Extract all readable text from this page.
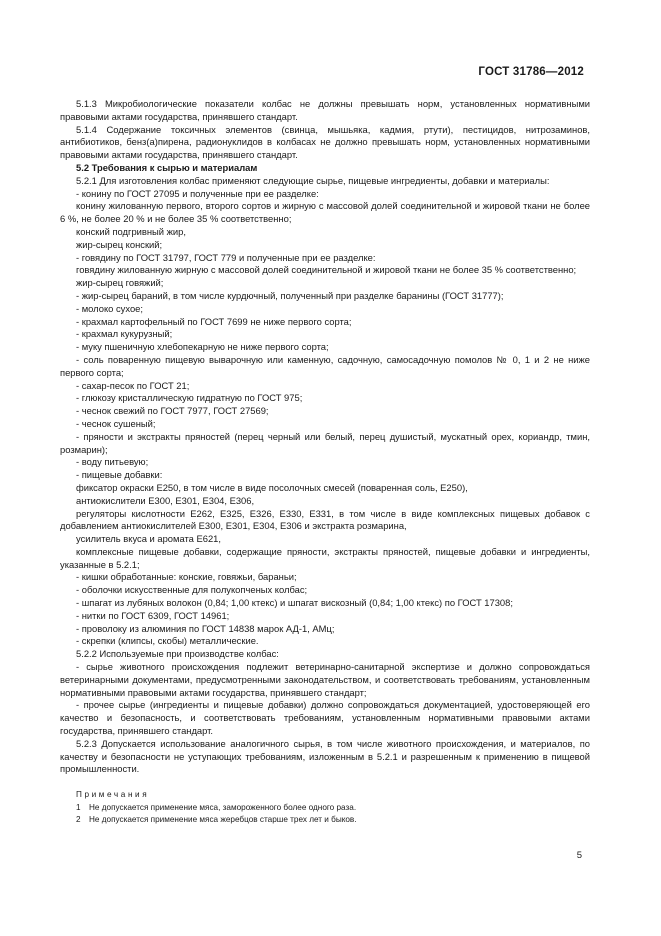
ГОСТ 31786—2012

5.1.3 Микробиологические показатели колбас не должны превышать норм, установленных нормативными правовыми актами государства, принявшего стандарт.

5.1.4 Содержание токсичных элементов (свинца, мышьяка, кадмия, ртути), пестицидов, нитрозаминов, антибиотиков, бенз(а)пирена, радионуклидов в колбасах не должно превышать норм, установленных нормативными правовыми актами государства, принявшего стандарт.

5.2 Требования к сырью и материалам

5.2.1 Для изготовления колбас применяют следующие сырье, пищевые ингредиенты, добавки и материалы:

- конину по ГОСТ 27095 и полученные при ее разделке:

конину жилованную первого, второго сортов и жирную с массовой долей соединительной и жировой ткани не более 6 %, не более 20 % и не более 35 % соответственно;

конский подгривный жир,

жир-сырец конский;

- говядину по ГОСТ 31797, ГОСТ 779 и полученные при ее разделке:

говядину жилованную жирную с массовой долей соединительной и жировой ткани не более 35 % соответственно;

жир-сырец говяжий;

- жир-сырец бараний, в том числе курдючный, полученный при разделке баранины (ГОСТ 31777);

- молоко сухое;

- крахмал картофельный по ГОСТ 7699 не ниже первого сорта;

- крахмал кукурузный;

- муку пшеничную хлебопекарную не ниже первого сорта;

- соль поваренную пищевую выварочную или каменную, садочную, самосадочную помолов № 0, 1 и 2 не ниже первого сорта;

- сахар-песок по ГОСТ 21;

- глюкозу кристаллическую гидратную по ГОСТ 975;

- чеснок свежий по ГОСТ 7977, ГОСТ 27569;

- чеснок сушеный;

- пряности и экстракты пряностей (перец черный или белый, перец душистый, мускатный орех, кориандр, тмин, розмарин);

- воду питьевую;

- пищевые добавки:

фиксатор окраски Е250, в том числе в виде посолочных смесей (поваренная соль, Е250),

антиокислители Е300, Е301, Е304, Е306,

регуляторы кислотности Е262, Е325, Е326, Е330, Е331, в том числе в виде комплексных пищевых добавок с добавлением антиокислителей Е300, Е301, Е304, Е306 и экстракта розмарина,

усилитель вкуса и аромата Е621,

комплексные пищевые добавки, содержащие пряности, экстракты пряностей, пищевые добавки и ингредиенты, указанные в 5.2.1;

- кишки обработанные: конские, говяжьи, бараньи;

- оболочки искусственные для полукопченых колбас;

- шпагат из лубяных волокон (0,84; 1,00 ктекс) и шпагат вискозный (0,84; 1,00 ктекс) по ГОСТ 17308;

- нитки по ГОСТ 6309, ГОСТ 14961;

- проволоку из алюминия по ГОСТ 14838 марок АД-1, АМц;

- скрепки (клипсы, скобы) металлические.

5.2.2 Используемые при производстве колбас:

- сырье животного происхождения подлежит ветеринарно-санитарной экспертизе и должно сопровождаться ветеринарными документами, предусмотренными законодательством, и соответствовать требованиям, установленным нормативными правовыми актами государства, принявшего стандарт;

- прочее сырье (ингредиенты и пищевые добавки) должно сопровождаться документацией, удостоверяющей его качество и безопасность, и соответствовать требованиям, установленным нормативными правовыми актами государства, принявшего стандарт.

5.2.3 Допускается использование аналогичного сырья, в том числе животного происхождения, и материалов, по качеству и безопасности не уступающих требованиям, изложенным в 5.2.1 и разрешенным к применению в пищевой промышленности.

Примечания
1 Не допускается применение мяса, замороженного более одного раза.
2 Не допускается применение мяса жеребцов старше трех лет и быков.
5
